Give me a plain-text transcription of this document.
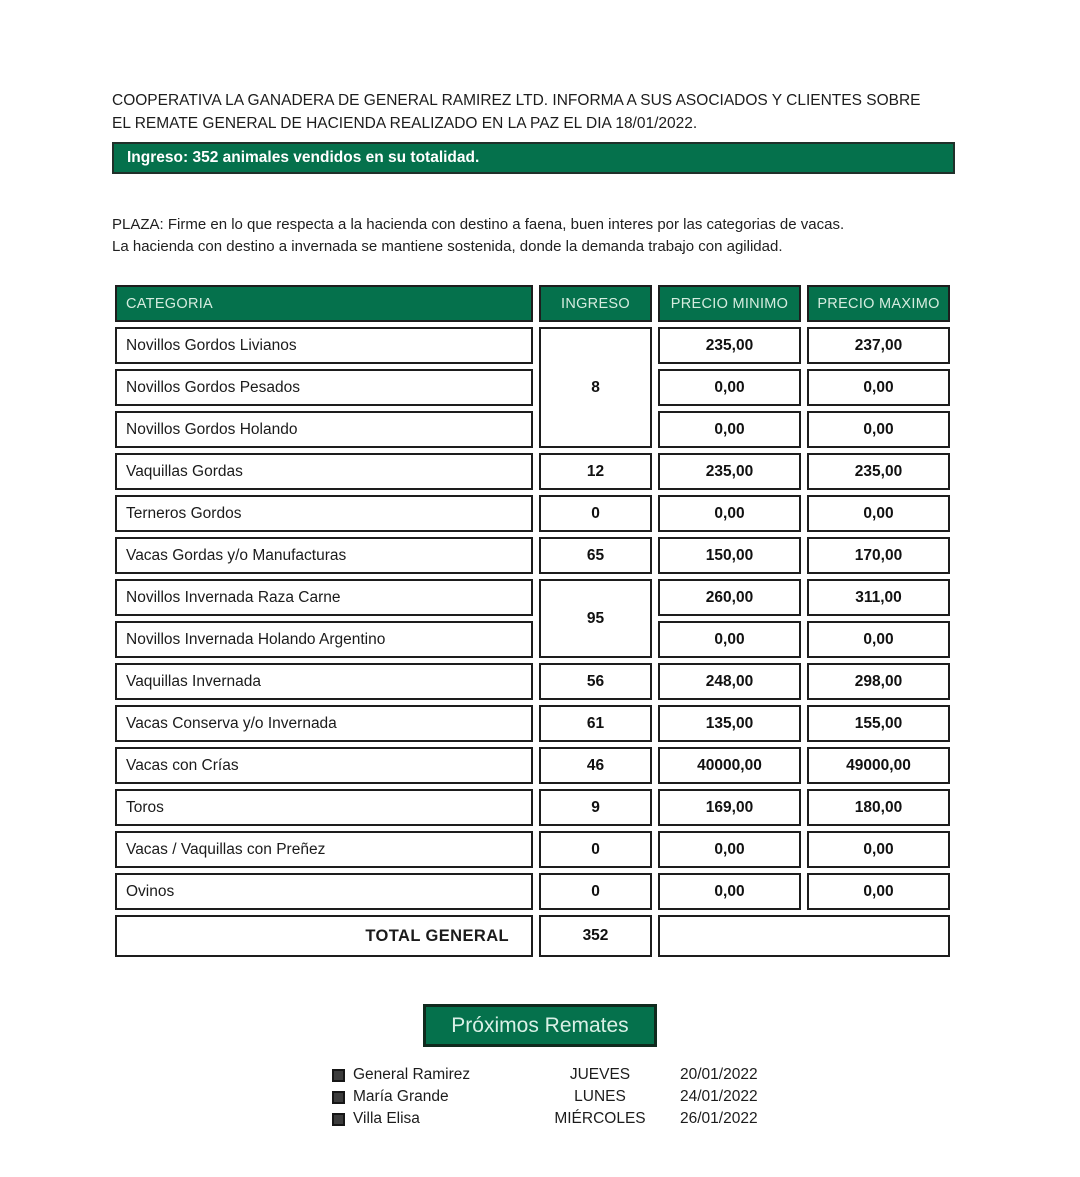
COOPERATIVA LA GANADERA DE GENERAL RAMIREZ LTD. INFORMA A SUS ASOCIADOS Y CLIENTES SOBRE
EL REMATE GENERAL DE HACIENDA REALIZADO EN LA PAZ EL DIA 18/01/2022.
Ingreso: 352 animales vendidos en su totalidad.
PLAZA: Firme en lo que respecta a la hacienda con destino a faena, buen interes por las categorias de vacas.
La hacienda con destino a invernada se mantiene sostenida, donde la demanda trabajo con agilidad.
CATEGORIA	INGRESO	PRECIO MINIMO	PRECIO MAXIMO
Novillos Gordos Livianos	8	235,00	237,00
Novillos Gordos Pesados		0,00	0,00
Novillos Gordos Holando		0,00	0,00
Vaquillas Gordas	12	235,00	235,00
Terneros Gordos	0	0,00	0,00
Vacas Gordas y/o Manufacturas	65	150,00	170,00
Novillos Invernada Raza Carne	95	260,00	311,00
Novillos Invernada Holando Argentino		0,00	0,00
Vaquillas Invernada	56	248,00	298,00
Vacas Conserva y/o Invernada	61	135,00	155,00
Vacas con Crías	46	40000,00	49000,00
Toros	9	169,00	180,00
Vacas / Vaquillas con Preñez	0	0,00	0,00
Ovinos	0	0,00	0,00
TOTAL GENERAL	352		
Próximos Remates
General Ramirez	JUEVES	20/01/2022
María Grande	LUNES	24/01/2022
Villa Elisa	MIÉRCOLES	26/01/2022
